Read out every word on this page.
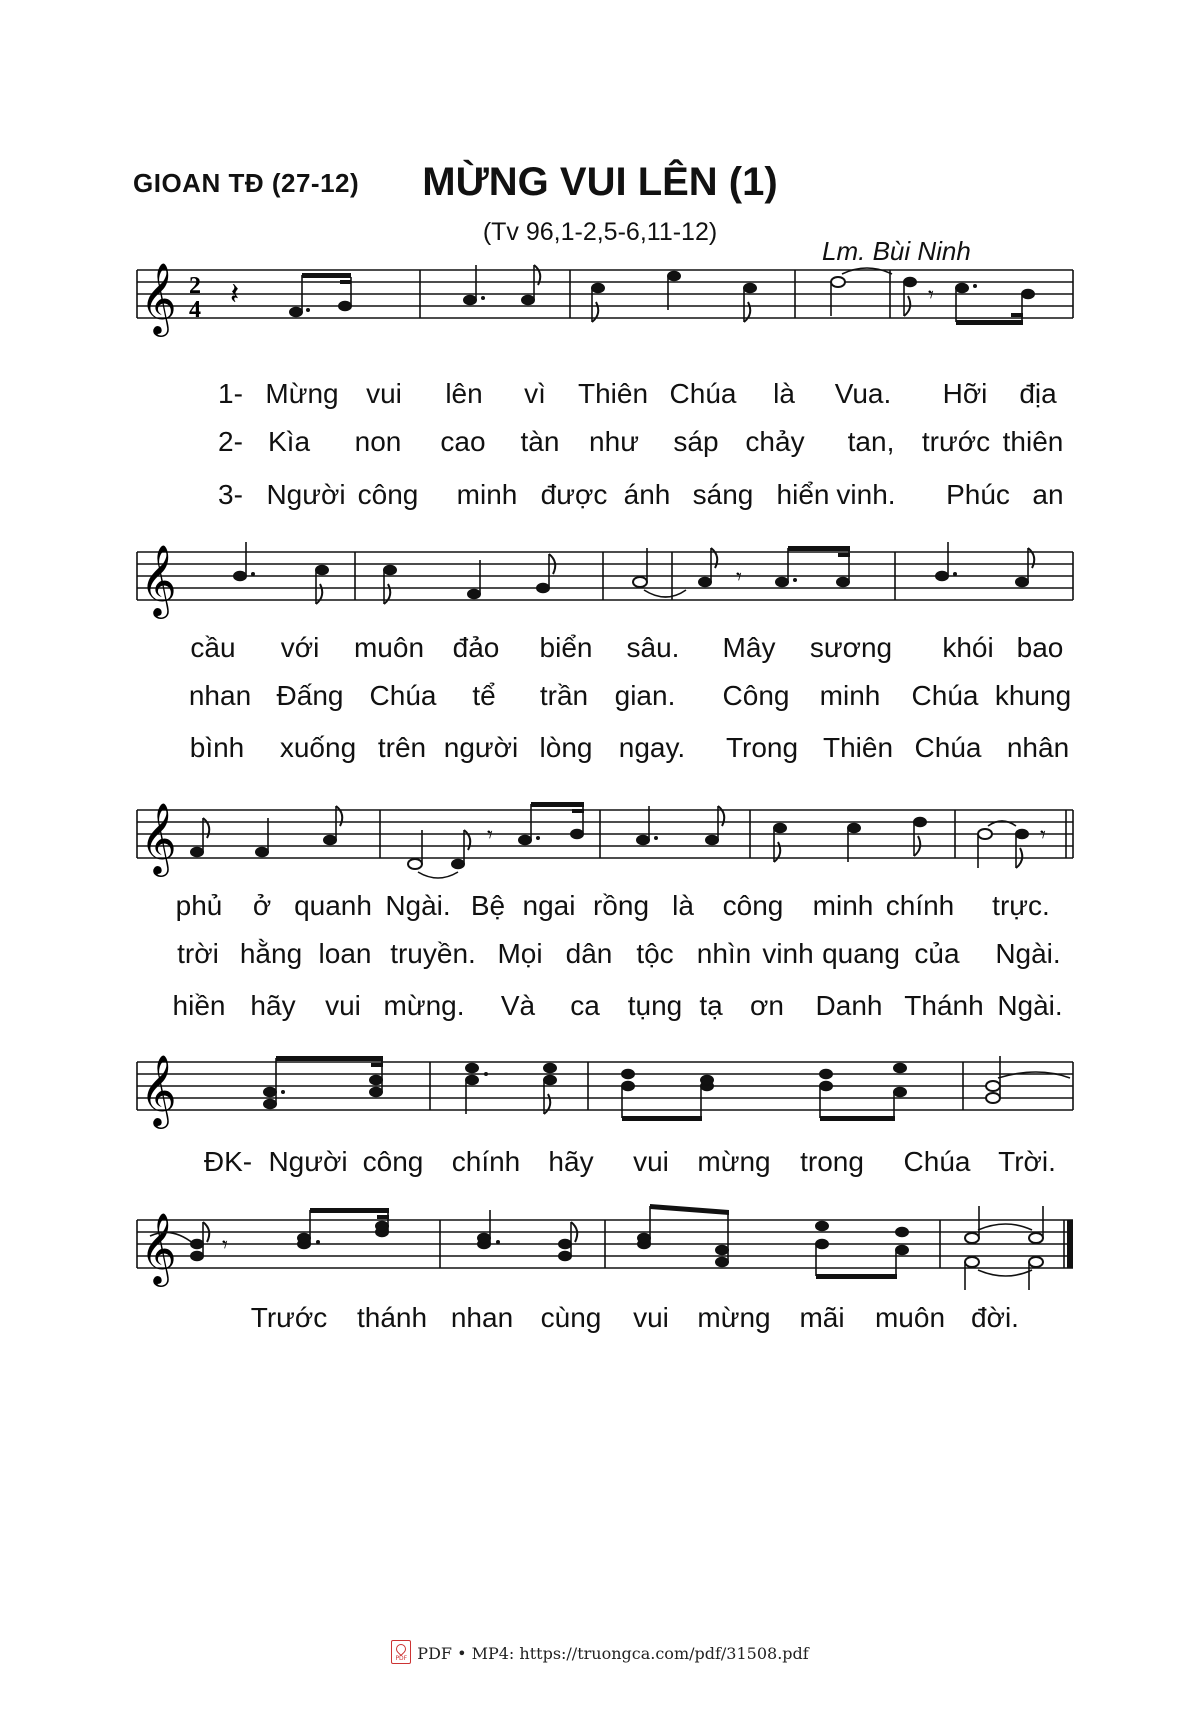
GIOAN TĐ (27-12)	MỪNG VUI LÊN (1)
(Tv 96,1-2,5-6,11-12)
Lm. Bùi Ninh
𝄞 2
4 𝄽	𝄾
1- Mừng vui lên vì Thiên Chúa là Vua. Hỡi địa
2- Kìa non cao tàn như sáp chảy tan, trước thiên
3- Người công minh được ánh sáng hiển vinh. Phúc an
𝄞	𝄾
cầu với muôn đảo biển sâu. Mây sương khói bao
nhan Đấng Chúa tể trần gian. Công minh Chúa khung
bình xuống trên người lòng ngay. Trong Thiên Chúa nhân
𝄞	𝄾	𝄾
phủ ở quanh Ngài. Bệ ngai rồng là công minh chính trực.
trời hằng loan truyền. Mọi dân tộc nhìn vinh quang của Ngài.
hiền hãy vui mừng. Và ca tụng tạ ơn Danh Thánh Ngài.
𝄞
ĐK- Người công chính hãy vui mừng trong Chúa Trời.
𝄞 𝄾
Trước thánh nhan cùng vui mừng mãi muôn đời.
PDFPDF • MP4: https://truongca.com/pdf/31508.pdf
